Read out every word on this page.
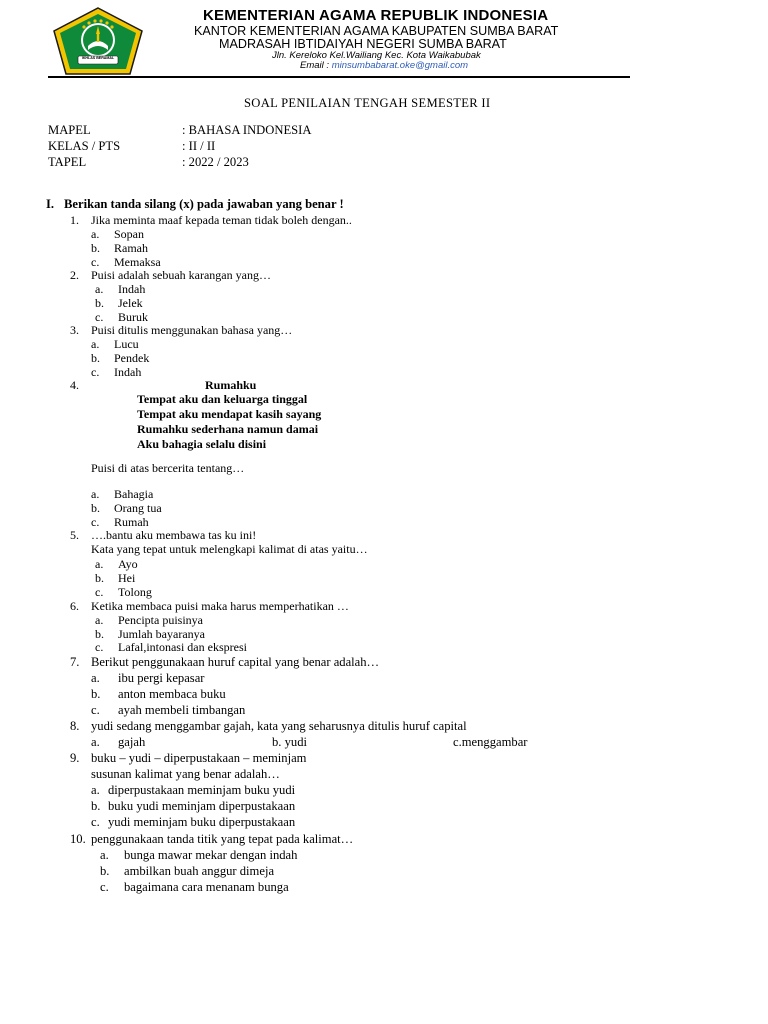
IKHLAS BERAMAL
KEMENTERIAN AGAMA REPUBLIK INDONESIA
KANTOR KEMENTERIAN AGAMA KABUPATEN SUMBA BARAT
MADRASAH IBTIDAIYAH NEGERI SUMBA BARAT
Jln. Kereloko Kel.Wailiang Kec. Kota Waikabubak
Email : minsumbabarat.oke@gmail.com
SOAL PENILAIAN TENGAH SEMESTER II
MAPEL	: BAHASA INDONESIA
KELAS / PTS	: II / II
TAPEL	: 2022 / 2023
I. Berikan tanda silang (x) pada jawaban yang benar !
1. Jika meminta maaf kepada teman tidak boleh dengan..
a. Sopan
b. Ramah
c. Memaksa
2. Puisi adalah sebuah karangan yang…
a. Indah
b. Jelek
c. Buruk
3. Puisi ditulis menggunakan bahasa yang…
a. Lucu
b. Pendek
c. Indah
4.	Rumahku
Tempat aku dan keluarga tinggal
Tempat aku mendapat kasih sayang
Rumahku sederhana namun damai
Aku bahagia selalu disini
Puisi di atas bercerita tentang…
a. Bahagia
b. Orang tua
c. Rumah
5. ….bantu aku membawa tas ku ini!
Kata yang tepat untuk melengkapi kalimat di atas yaitu…
a. Ayo
b. Hei
c. Tolong
6. Ketika membaca puisi maka harus memperhatikan …
a. Pencipta puisinya
b. Jumlah bayaranya
c. Lafal,intonasi dan ekspresi
7. Berikut penggunakaan huruf capital yang benar adalah…
a. ibu pergi kepasar
b. anton membaca buku
c. ayah membeli timbangan
8. yudi sedang menggambar gajah, kata yang seharusnya ditulis huruf capital
a. gajah	b. yudi	c.menggambar
9. buku – yudi – diperpustakaan – meminjam
susunan kalimat yang benar adalah…
a. diperpustakaan meminjam buku yudi
b. buku yudi meminjam diperpustakaan
c. yudi meminjam buku diperpustakaan
10. penggunakaan tanda titik yang tepat pada kalimat…
a. bunga mawar mekar dengan indah
b. ambilkan buah anggur dimeja
c. bagaimana cara menanam bunga
